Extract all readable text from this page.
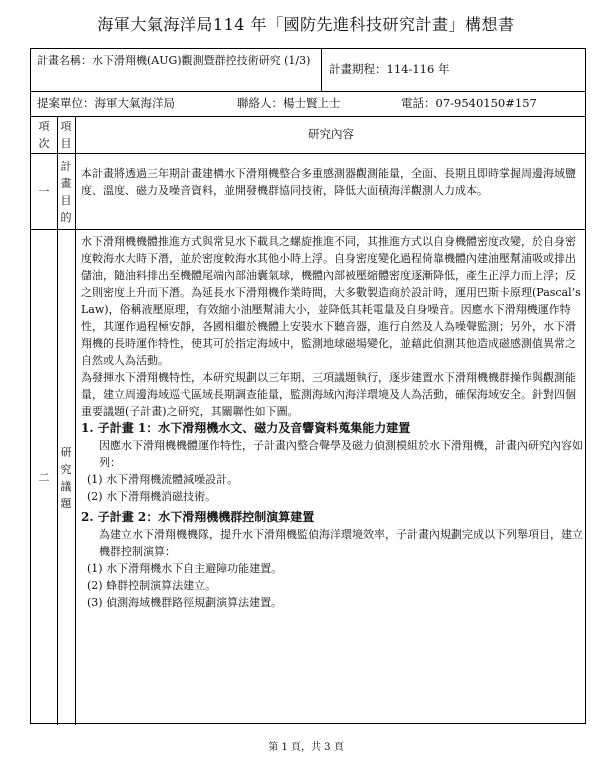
海軍大氣海洋局114 年「國防先進科技研究計畫」構想書
計畫名稱：水下滑翔機(AUG)觀測暨群控技術研究 (1/3)
計畫期程：114-116 年
提案單位：海軍大氣海洋局	聯絡人：楊士賢上士	電話：07-9540150#157
項
次
項
目
研究內容
一
計
畫
目
的

本計畫將透過三年期計畫建構水下滑翔機整合多重感測器觀測能量，全面、長期且即時掌握周邊海域鹽度、溫度、磁力及噪音資料，並開發機群協同技術，降低大面積海洋觀測人力成本。

二
研
究
議
題

水下滑翔機機體推進方式與常見水下載具之螺旋推進不同，其推進方式以自身機體密度改變，於自身密度較海水大時下潛，並於密度較海水其他小時上浮。自身密度變化過程倚靠機體內建油壓幫浦吸或排出儲油，隨油料排出至機體尾端內部油囊氣球，機體內部被壓縮體密度逐漸降低，產生正浮力而上浮；反之則密度上升而下潛。為延長水下滑翔機作業時間，大多數製造商於設計時，運用巴斯卡原理(Pascal’s Law)，俗稱液壓原理，有效縮小油壓幫浦大小，並降低其耗電量及自身噪音。因應水下滑翔機運作特性，其運作過程極安靜，各國相繼於機體上安裝水下聽音器，進行自然及人為噪聲監測；另外，水下滑翔機的長時運作特性，使其可於指定海域中，監測地球磁場變化，並藉此偵測其他造成磁感測值異常之自然或人為活動。

為發揮水下滑翔機特性，本研究規劃以三年期、三項議題執行，逐步建置水下滑翔機機群操作與觀測能量，建立周邊海域巡弋區域長期調查能量，監測海域內海洋環境及人為活動，確保海域安全。針對四個重要議題(子計畫)之研究，其關聯性如下圖。

1. 子計畫 1：水下滑翔機水文、磁力及音響資料蒐集能力建置

因應水下滑翔機機體運作特性，子計畫內整合聲學及磁力偵測模組於水下滑翔機，計畫內研究內容如列：

(1) 水下滑翔機流體減噪設計。

(2) 水下滑翔機消磁技術。

2. 子計畫 2：水下滑翔機機群控制演算建置

為建立水下滑翔機機隊，提升水下滑翔機監偵海洋環境效率，子計畫內規劃完成以下列舉項目，建立機群控制演算：

(1) 水下滑翔機水下自主避障功能建置。

(2) 蜂群控制演算法建立。

(3) 偵測海域機群路徑規劃演算法建置。

第 1 頁，共 3 頁
